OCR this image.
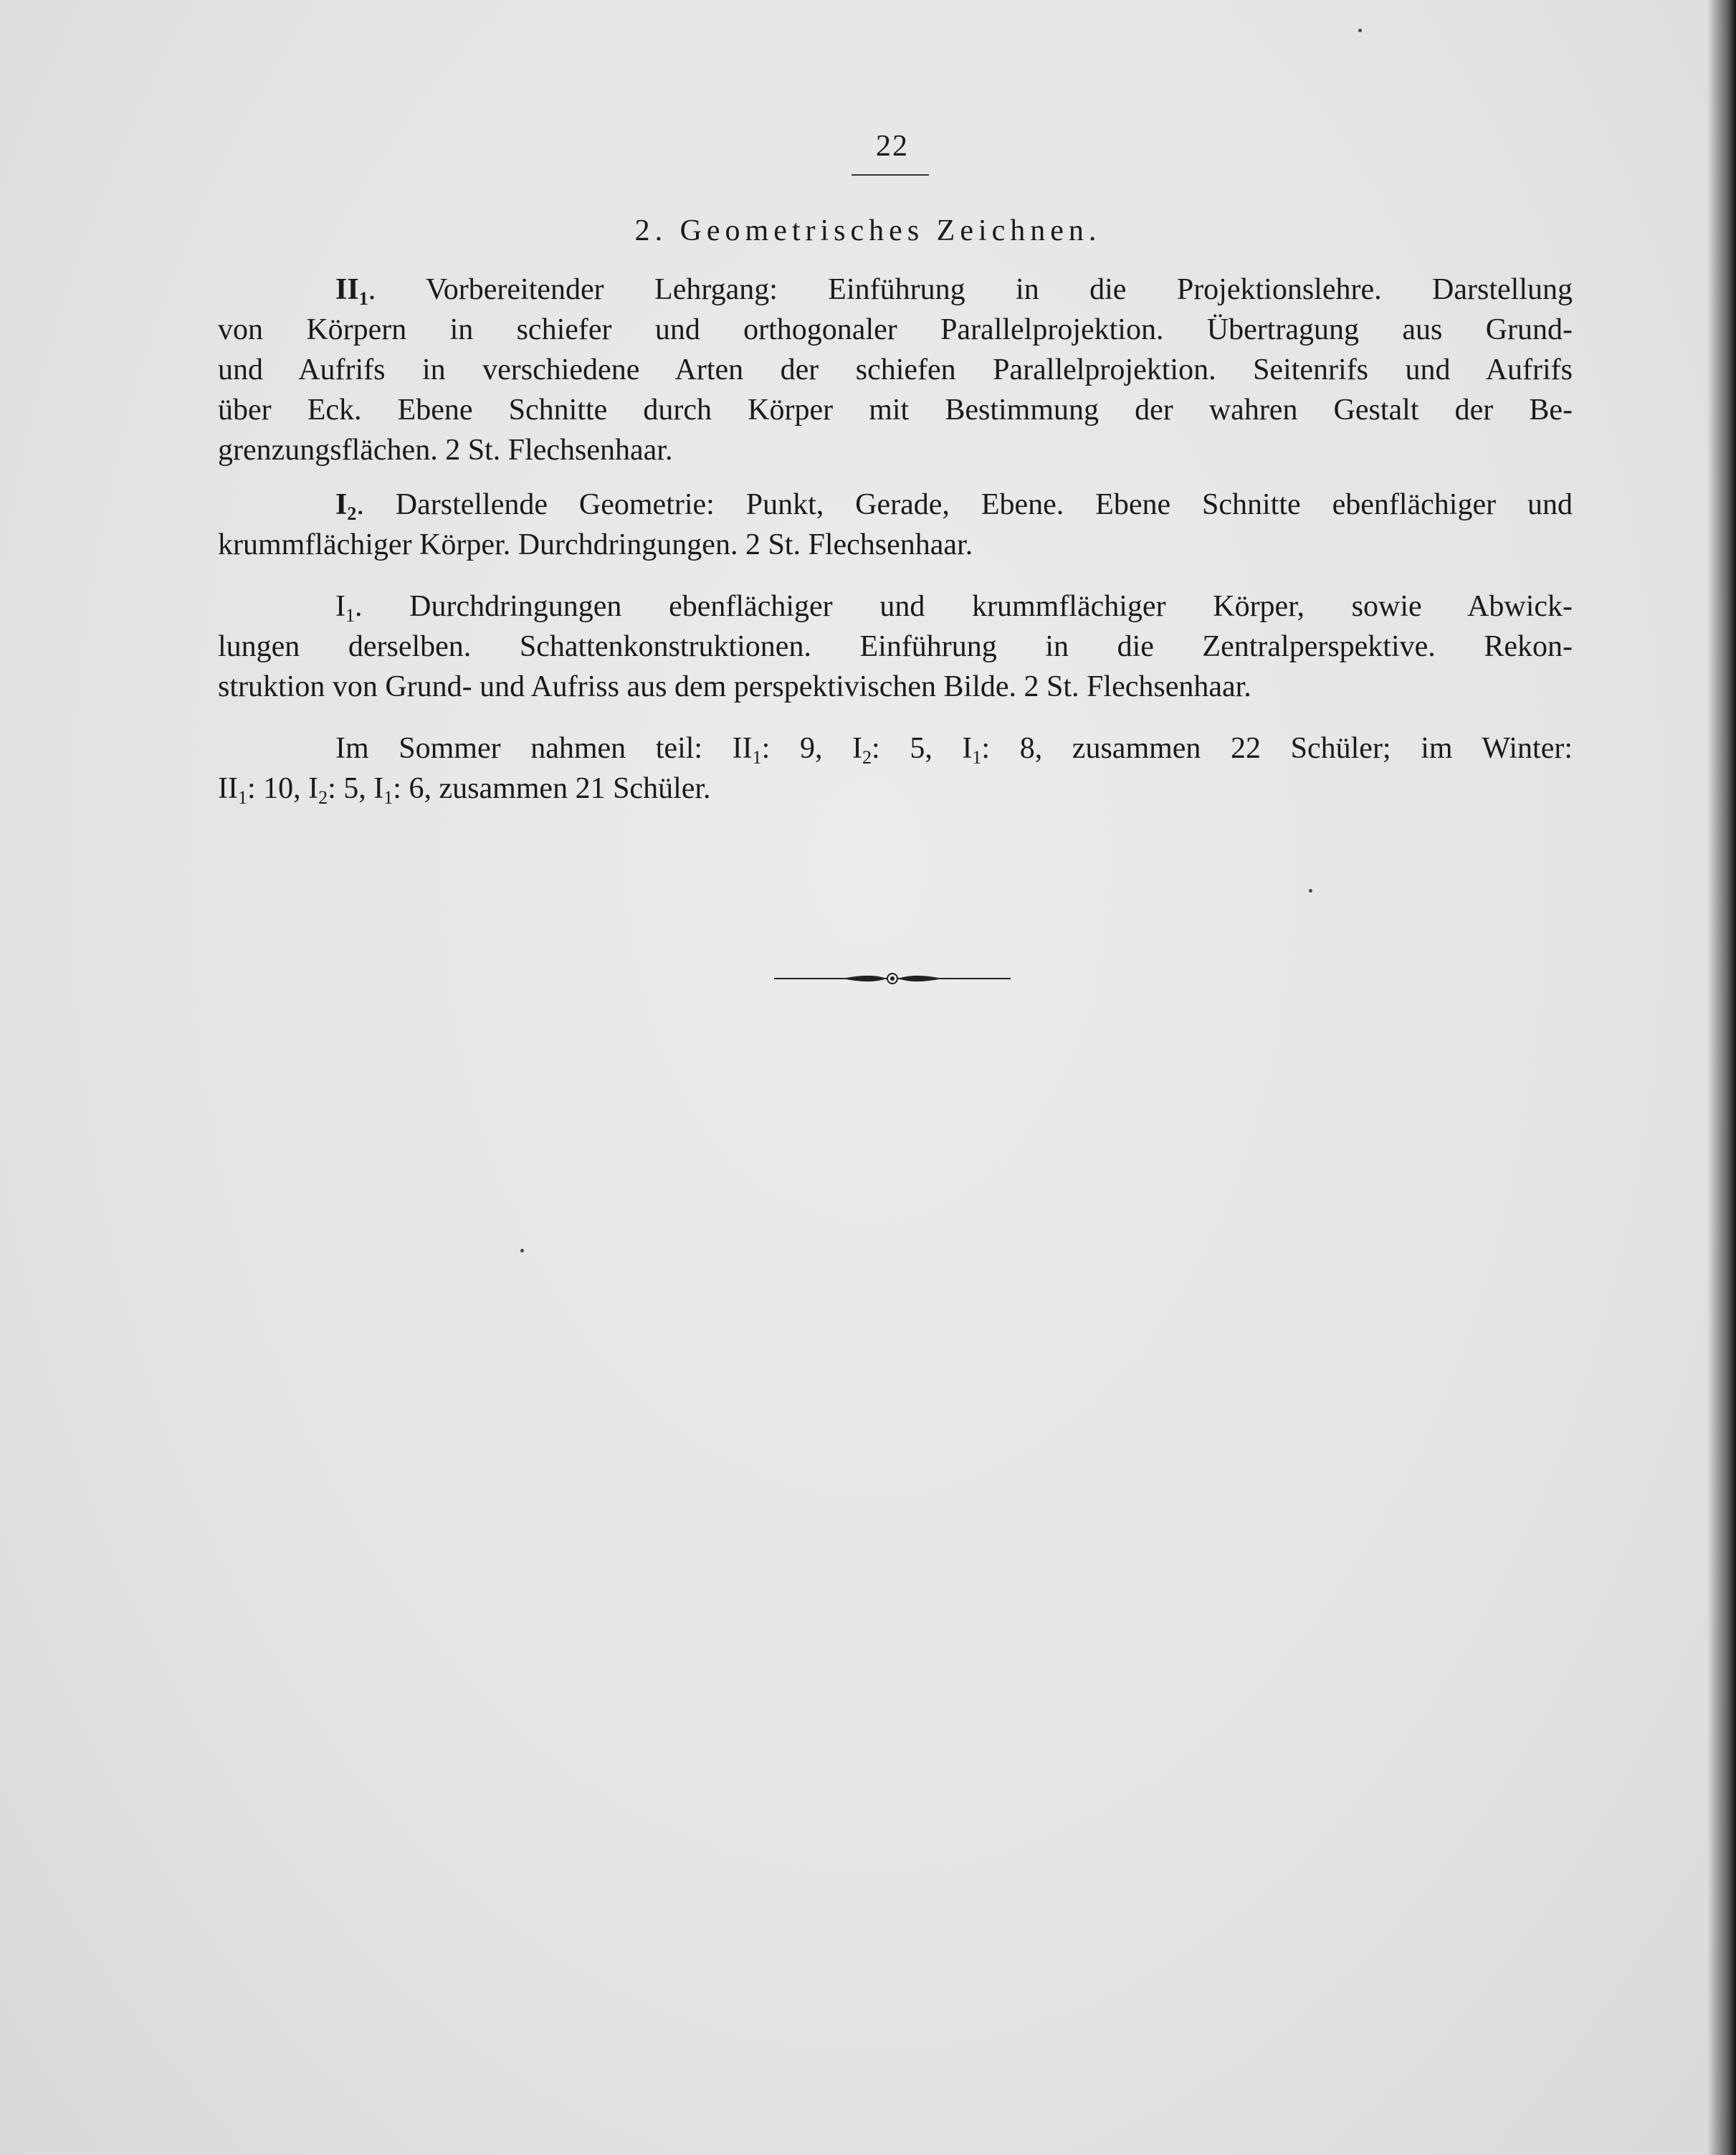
22
2. Geometrisches Zeichnen.
$II_1$. Vorbereitender Lehrgang: Einführung in die Projektionslehre. Darstellung
von Körpern in schiefer und orthogonaler Parallelprojektion. Übertragung aus Grund-
und Aufrifs in verschiedene Arten der schiefen Parallelprojektion. Seitenrifs und Aufrifs
über Eck. Ebene Schnitte durch Körper mit Bestimmung der wahren Gestalt der Be-
grenzungsflächen. 2 St. Flechsenhaar.
$I_2$. Darstellende Geometrie: Punkt, Gerade, Ebene. Ebene Schnitte ebenflächiger und
krummflächiger Körper. Durchdringungen. 2 St. Flechsenhaar.
$I_1$. Durchdringungen ebenflächiger und krummflächiger Körper, sowie Abwick-
lungen derselben. Schattenkonstruktionen. Einführung in die Zentralperspektive. Rekon-
struktion von Grund- und Aufriss aus dem perspektivischen Bilde. 2 St. Flechsenhaar.
Im Sommer nahmen teil: $II_1$: 9, $I_2$: 5, $I_1$: 8, zusammen 22 Schüler; im Winter:
$II_1$: 10, $I_2$: 5, $I_1$: 6, zusammen 21 Schüler.
